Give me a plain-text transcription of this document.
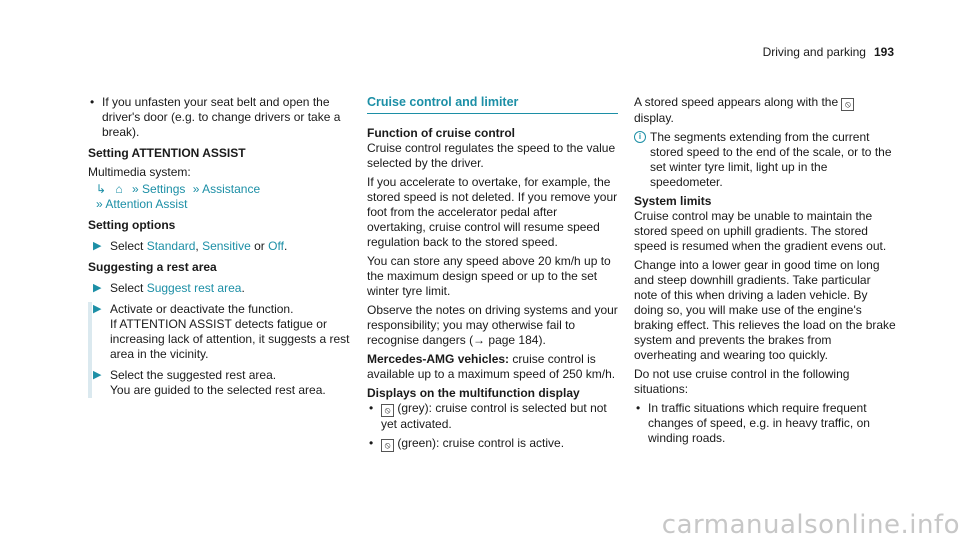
Driving and parking 193
• If you unfasten your seat belt and open the driver's door (e.g. to change drivers or take a break).

Setting ATTENTION ASSIST

Multimedia system:

↳ ⌂ » Settings » Assistance
» Attention Assist

Setting options

▶ Select Standard, Sensitive or Off.

Suggesting a rest area

▶ Select Suggest rest area.
▶ Activate or deactivate the function.
If ATTENTION ASSIST detects fatigue or increasing lack of attention, it suggests a rest area in the vicinity.
▶ Select the suggested rest area.
You are guided to the selected rest area.
Cruise control and limiter

Function of cruise control

Cruise control regulates the speed to the value selected by the driver.

If you accelerate to overtake, for example, the stored speed is not deleted. If you remove your foot from the accelerator pedal after overtaking, cruise control will resume speed regulation back to the stored speed.

You can store any speed above 20 km/h up to the maximum design speed or up to the set winter tyre limit.

Observe the notes on driving systems and your responsibility; you may otherwise fail to recognise dangers (→ page 184).

Mercedes-AMG vehicles: cruise control is available up to a maximum speed of 250 km/h.

Displays on the multifunction display

• ⦸ (grey): cruise control is selected but not yet activated.
• ⦸ (green): cruise control is active.

A stored speed appears along with the ⦸ display.

i The segments extending from the current stored speed to the end of the scale, or to the set winter tyre limit, light up in the speedometer.

System limits

Cruise control may be unable to maintain the stored speed on uphill gradients. The stored speed is resumed when the gradient evens out.

Change into a lower gear in good time on long and steep downhill gradients. Take particular note of this when driving a laden vehicle. By doing so, you will make use of the engine's braking effect. This relieves the load on the brake system and prevents the brakes from overheating and wearing too quickly.

Do not use cruise control in the following situations:

• In traffic situations which require frequent changes of speed, e.g. in heavy traffic, on winding roads.
carmanualsonline.info
